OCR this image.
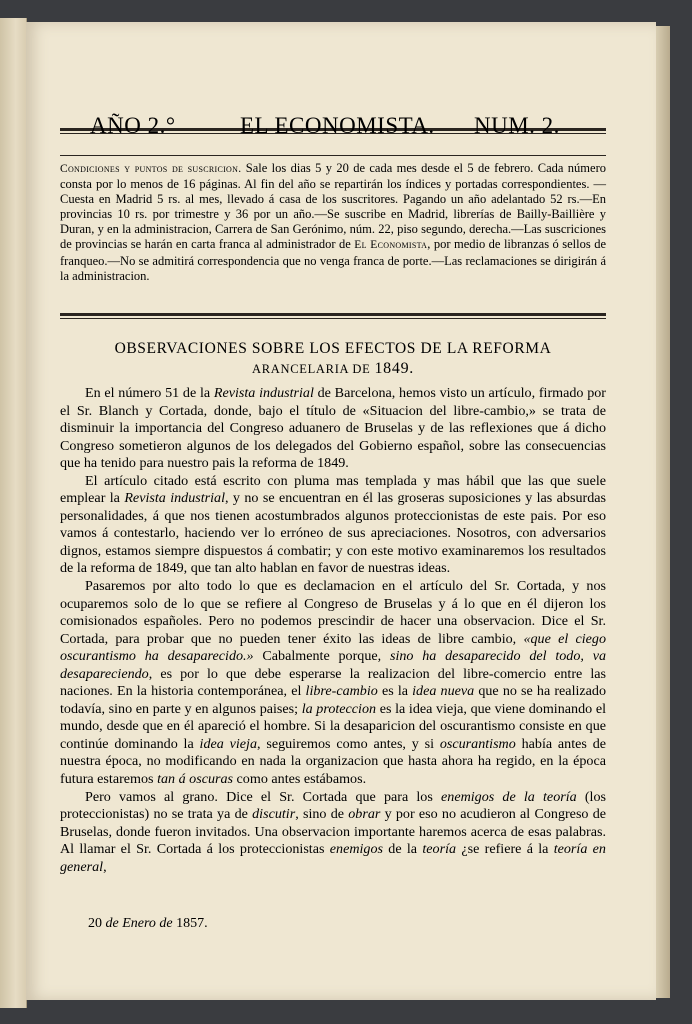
AÑO 2.°	EL ECONOMISTA. NUM. 2.
Condiciones y puntos de suscricion. Sale los dias 5 y 20 de cada mes desde el 5 de febrero. Cada número consta por lo menos de 16 páginas. Al fin del año se repartirán los índices y portadas correspondientes. —Cuesta en Madrid 5 rs. al mes, llevado á casa de los suscritores. Pagando un año adelantado 52 rs.—En provincias 10 rs. por trimestre y 36 por un año.—Se suscribe en Madrid, librerías de Bailly-Baillière y Duran, y en la administracion, Carrera de San Gerónimo, núm. 22, piso segundo, derecha.—Las suscriciones de provincias se harán en carta franca al administrador de El Economista, por medio de libranzas ó sellos de franqueo.—No se admitirá correspondencia que no venga franca de porte.—Las reclamaciones se dirigirán á la administracion.
OBSERVACIONES SOBRE LOS EFECTOS DE LA REFORMA
ARANCELARIA DE 1849.

En el número 51 de la Revista industrial de Barcelona, hemos visto un artículo, firmado por el Sr. Blanch y Cortada, donde, bajo el título de «Situacion del libre-cambio,» se trata de disminuir la importancia del Congreso aduanero de Bruselas y de las reflexiones que á dicho Congreso sometieron algunos de los delegados del Gobierno español, sobre las consecuencias que ha tenido para nuestro pais la reforma de 1849.

El artículo citado está escrito con pluma mas templada y mas hábil que las que suele emplear la Revista industrial, y no se encuentran en él las groseras suposiciones y las absurdas personalidades, á que nos tienen acostumbrados algunos proteccionistas de este pais. Por eso vamos á contestarlo, haciendo ver lo erróneo de sus apreciaciones. Nosotros, con adversarios dignos, estamos siempre dispuestos á combatir; y con este motivo examinaremos los resultados de la reforma de 1849, que tan alto hablan en favor de nuestras ideas.

Pasaremos por alto todo lo que es declamacion en el artículo del Sr. Cortada, y nos ocuparemos solo de lo que se refiere al Congreso de Bruselas y á lo que en él dijeron los comisionados españoles. Pero no podemos prescindir de hacer una observacion. Dice el Sr. Cortada, para probar que no pueden tener éxito las ideas de libre cambio, «que el ciego oscurantismo ha desaparecido.» Cabalmente porque, sino ha desaparecido del todo, va desapareciendo, es por lo que debe esperarse la realizacion del libre-comercio entre las naciones. En la historia contemporánea, el libre-cambio es la idea nueva que no se ha realizado todavía, sino en parte y en algunos paises; la proteccion es la idea vieja, que viene dominando el mundo, desde que en él apareció el hombre. Si la desaparicion del oscurantismo consiste en que continúe dominando la idea vieja, seguiremos como antes, y si oscurantismo había antes de nuestra época, no modificando en nada la organizacion que hasta ahora ha regido, en la época futura estaremos tan á oscuras como antes estábamos.

Pero vamos al grano. Dice el Sr. Cortada que para los enemigos de la teoría (los proteccionistas) no se trata ya de discutir, sino de obrar y por eso no acudieron al Congreso de Bruselas, donde fueron invitados. Una observacion importante haremos acerca de esas palabras. Al llamar el Sr. Cortada á los proteccionistas enemigos de la teoría ¿se refiere á la teoría en general,

20 de Enero de 1857.
